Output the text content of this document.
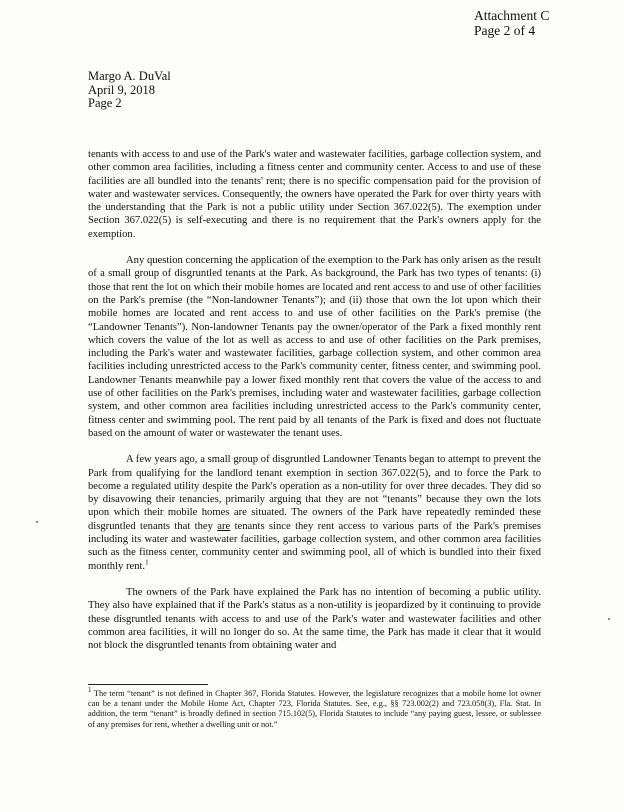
Attachment C
Page 2 of 4
Margo A. DuVal
April 9, 2018
Page 2

tenants with access to and use of the Park's water and wastewater facilities, garbage collection system, and other common area facilities, including a fitness center and community center. Access to and use of these facilities are all bundled into the tenants' rent; there is no specific compensation paid for the provision of water and wastewater services. Consequently, the owners have operated the Park for over thirty years with the understanding that the Park is not a public utility under Section 367.022(5). The exemption under Section 367.022(5) is self-executing and there is no requirement that the Park's owners apply for the exemption.

Any question concerning the application of the exemption to the Park has only arisen as the result of a small group of disgruntled tenants at the Park. As background, the Park has two types of tenants: (i) those that rent the lot on which their mobile homes are located and rent access to and use of other facilities on the Park's premise (the “Non-landowner Tenants”); and (ii) those that own the lot upon which their mobile homes are located and rent access to and use of other facilities on the Park's premise (the “Landowner Tenants”). Non-landowner Tenants pay the owner/operator of the Park a fixed monthly rent which covers the value of the lot as well as access to and use of other facilities on the Park premises, including the Park's water and wastewater facilities, garbage collection system, and other common area facilities including unrestricted access to the Park's community center, fitness center, and swimming pool. Landowner Tenants meanwhile pay a lower fixed monthly rent that covers the value of the access to and use of other facilities on the Park's premises, including water and wastewater facilities, garbage collection system, and other common area facilities including unrestricted access to the Park's community center, fitness center and swimming pool. The rent paid by all tenants of the Park is fixed and does not fluctuate based on the amount of water or wastewater the tenant uses.

A few years ago, a small group of disgruntled Landowner Tenants began to attempt to prevent the Park from qualifying for the landlord tenant exemption in section 367.022(5), and to force the Park to become a regulated utility despite the Park's operation as a non-utility for over three decades. They did so by disavowing their tenancies, primarily arguing that they are not “tenants” because they own the lots upon which their mobile homes are situated. The owners of the Park have repeatedly reminded these disgruntled tenants that they are tenants since they rent access to various parts of the Park's premises including its water and wastewater facilities, garbage collection system, and other common area facilities such as the fitness center, community center and swimming pool, all of which is bundled into their fixed monthly rent.$^1$

The owners of the Park have explained the Park has no intention of becoming a public utility. They also have explained that if the Park's status as a non-utility is jeopardized by it continuing to provide these disgruntled tenants with access to and use of the Park's water and wastewater facilities and other common area facilities, it will no longer do so. At the same time, the Park has made it clear that it would not block the disgruntled tenants from obtaining water and

$^1$ The term “tenant” is not defined in Chapter 367, Florida Statutes. However, the legislature recognizes that a mobile home lot owner can be a tenant under the Mobile Home Act, Chapter 723, Florida Statutes. See, e.g., §§ 723.002(2) and 723.058(3), Fla. Stat. In addition, the term “tenant” is broadly defined in section 715.102(5), Florida Statutes to include “any paying guest, lessee, or sublessee of any premises for rent, whether a dwelling unit or not.”
